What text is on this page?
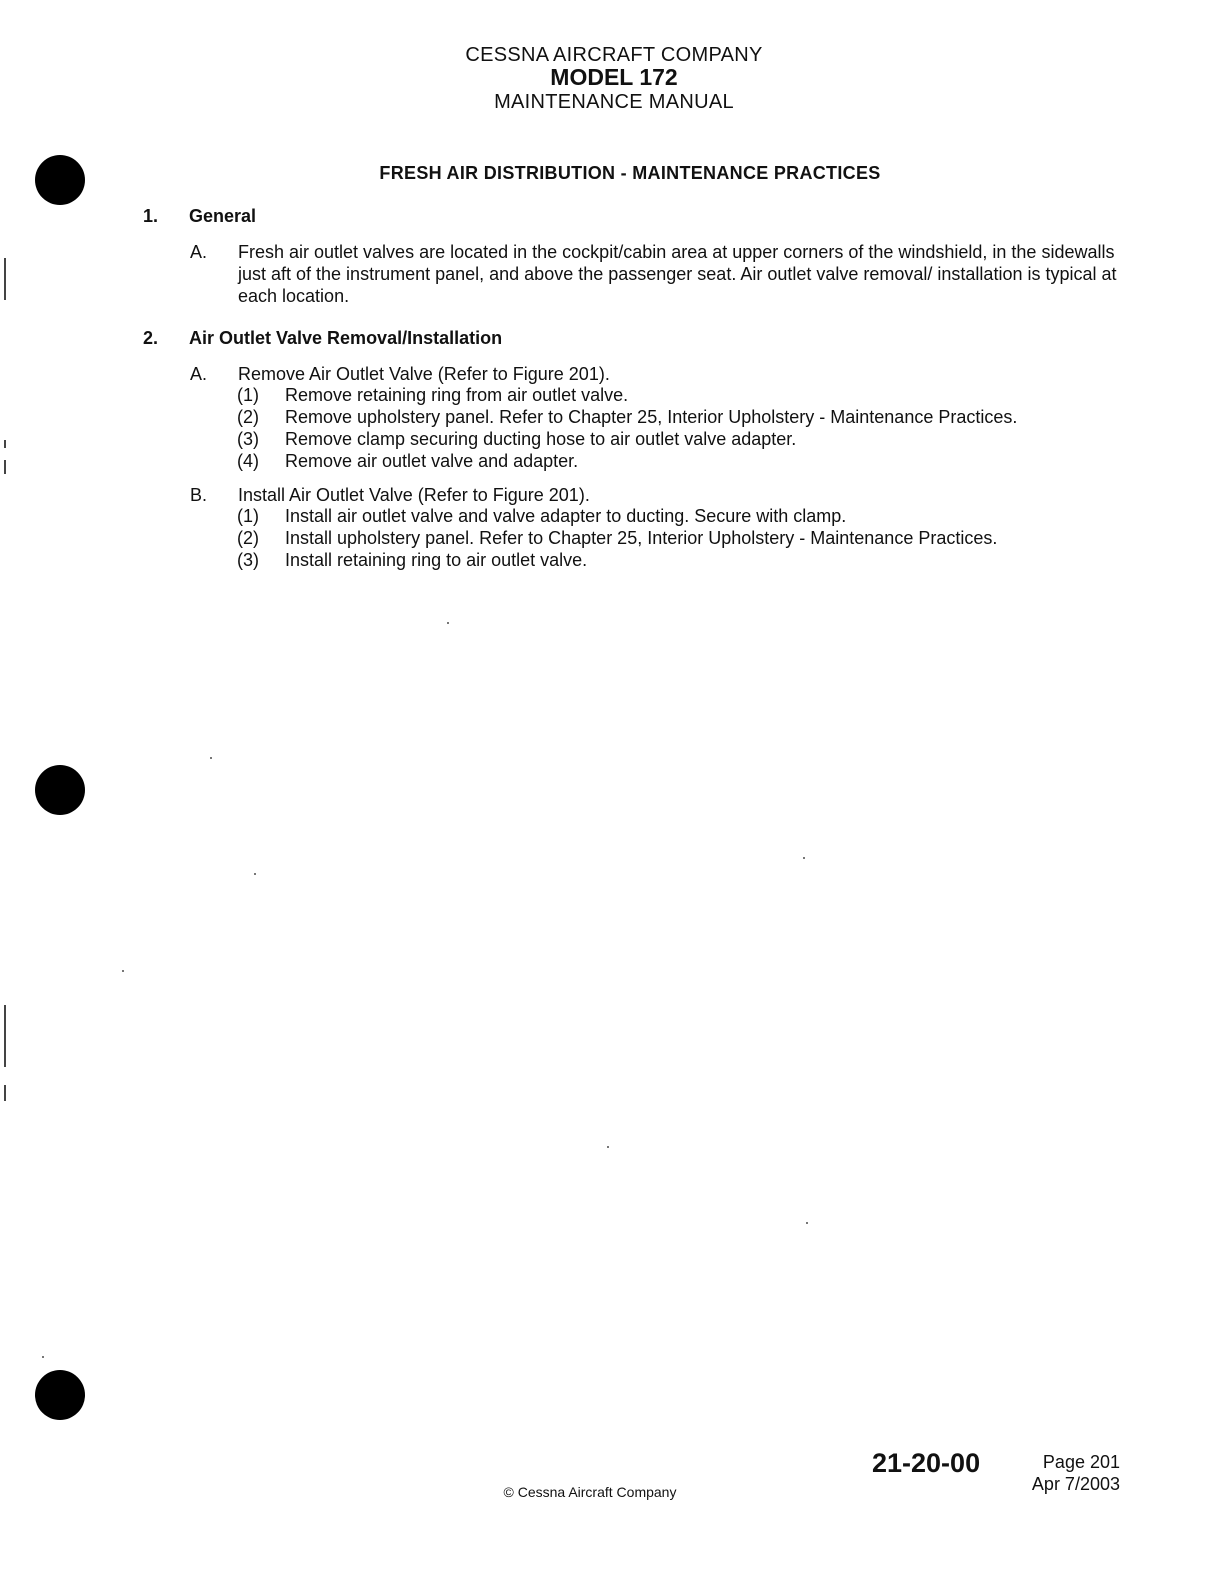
CESSNA AIRCRAFT COMPANY
MODEL 172
MAINTENANCE MANUAL
FRESH AIR DISTRIBUTION - MAINTENANCE PRACTICES
1. General
A. Fresh air outlet valves are located in the cockpit/cabin area at upper corners of the windshield, in the sidewalls just aft of the instrument panel, and above the passenger seat. Air outlet valve removal/ installation is typical at each location.
2. Air Outlet Valve Removal/Installation
A. Remove Air Outlet Valve (Refer to Figure 201).
(1) Remove retaining ring from air outlet valve.
(2) Remove upholstery panel. Refer to Chapter 25, Interior Upholstery - Maintenance Practices.
(3) Remove clamp securing ducting hose to air outlet valve adapter.
(4) Remove air outlet valve and adapter.
B. Install Air Outlet Valve (Refer to Figure 201).
(1) Install air outlet valve and valve adapter to ducting. Secure with clamp.
(2) Install upholstery panel. Refer to Chapter 25, Interior Upholstery - Maintenance Practices.
(3) Install retaining ring to air outlet valve.
21-20-00	Page 201
Apr 7/2003
© Cessna Aircraft Company
